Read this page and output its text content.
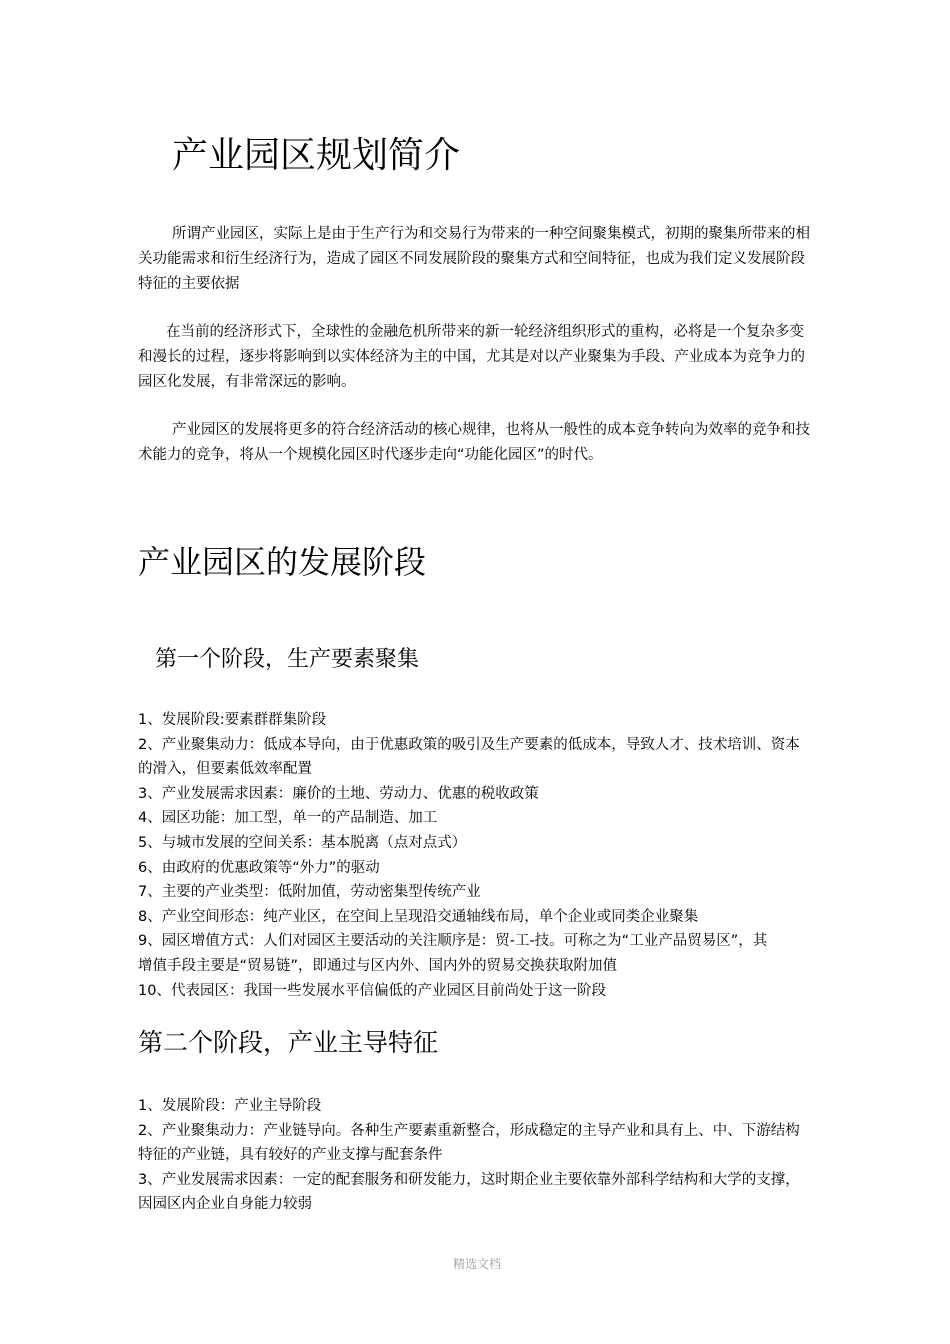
产业园区规划简介

所谓产业园区，实际上是由于生产行为和交易行为带来的一种空间聚集模式，初期的聚集所带来的相关功能需求和衍生经济行为，造成了园区不同发展阶段的聚集方式和空间特征，也成为我们定义发展阶段特征的主要依据

在当前的经济形式下，全球性的金融危机所带来的新一轮经济组织形式的重构，必将是一个复杂多变和漫长的过程，逐步将影响到以实体经济为主的中国，尤其是对以产业聚集为手段、产业成本为竞争力的园区化发展，有非常深远的影响。

产业园区的发展将更多的符合经济活动的核心规律，也将从一般性的成本竞争转向为效率的竞争和技术能力的竞争，将从一个规模化园区时代逐步走向“功能化园区”的时代。

产业园区的发展阶段
第一个阶段，生产要素聚集
1、发展阶段:要素群群集阶段
2、产业聚集动力：低成本导向，由于优惠政策的吸引及生产要素的低成本，导致人才、技术培训、资本的滑入，但要素低效率配置
3、产业发展需求因素：廉价的土地、劳动力、优惠的税收政策
4、园区功能：加工型，单一的产品制造、加工
5、与城市发展的空间关系：基本脱离（点对点式）
6、由政府的优惠政策等“外力”的驱动
7、主要的产业类型：低附加值，劳动密集型传统产业
8、产业空间形态：纯产业区，在空间上呈现沿交通轴线布局，单个企业或同类企业聚集
9、园区增值方式：人们对园区主要活动的关注顺序是：贸-工-技。可称之为“工业产品贸易区”，其增值手段主要是“贸易链”，即通过与区内外、国内外的贸易交换获取附加值
10、代表园区：我国一些发展水平信偏低的产业园区目前尚处于这一阶段
第二个阶段，产业主导特征
1、发展阶段：产业主导阶段
2、产业聚集动力：产业链导向。各种生产要素重新整合，形成稳定的主导产业和具有上、中、下游结构特征的产业链，具有较好的产业支撑与配套条件
3、产业发展需求因素：一定的配套服务和研发能力，这时期企业主要依靠外部科学结构和大学的支撑，因园区内企业自身能力较弱
精选文档
